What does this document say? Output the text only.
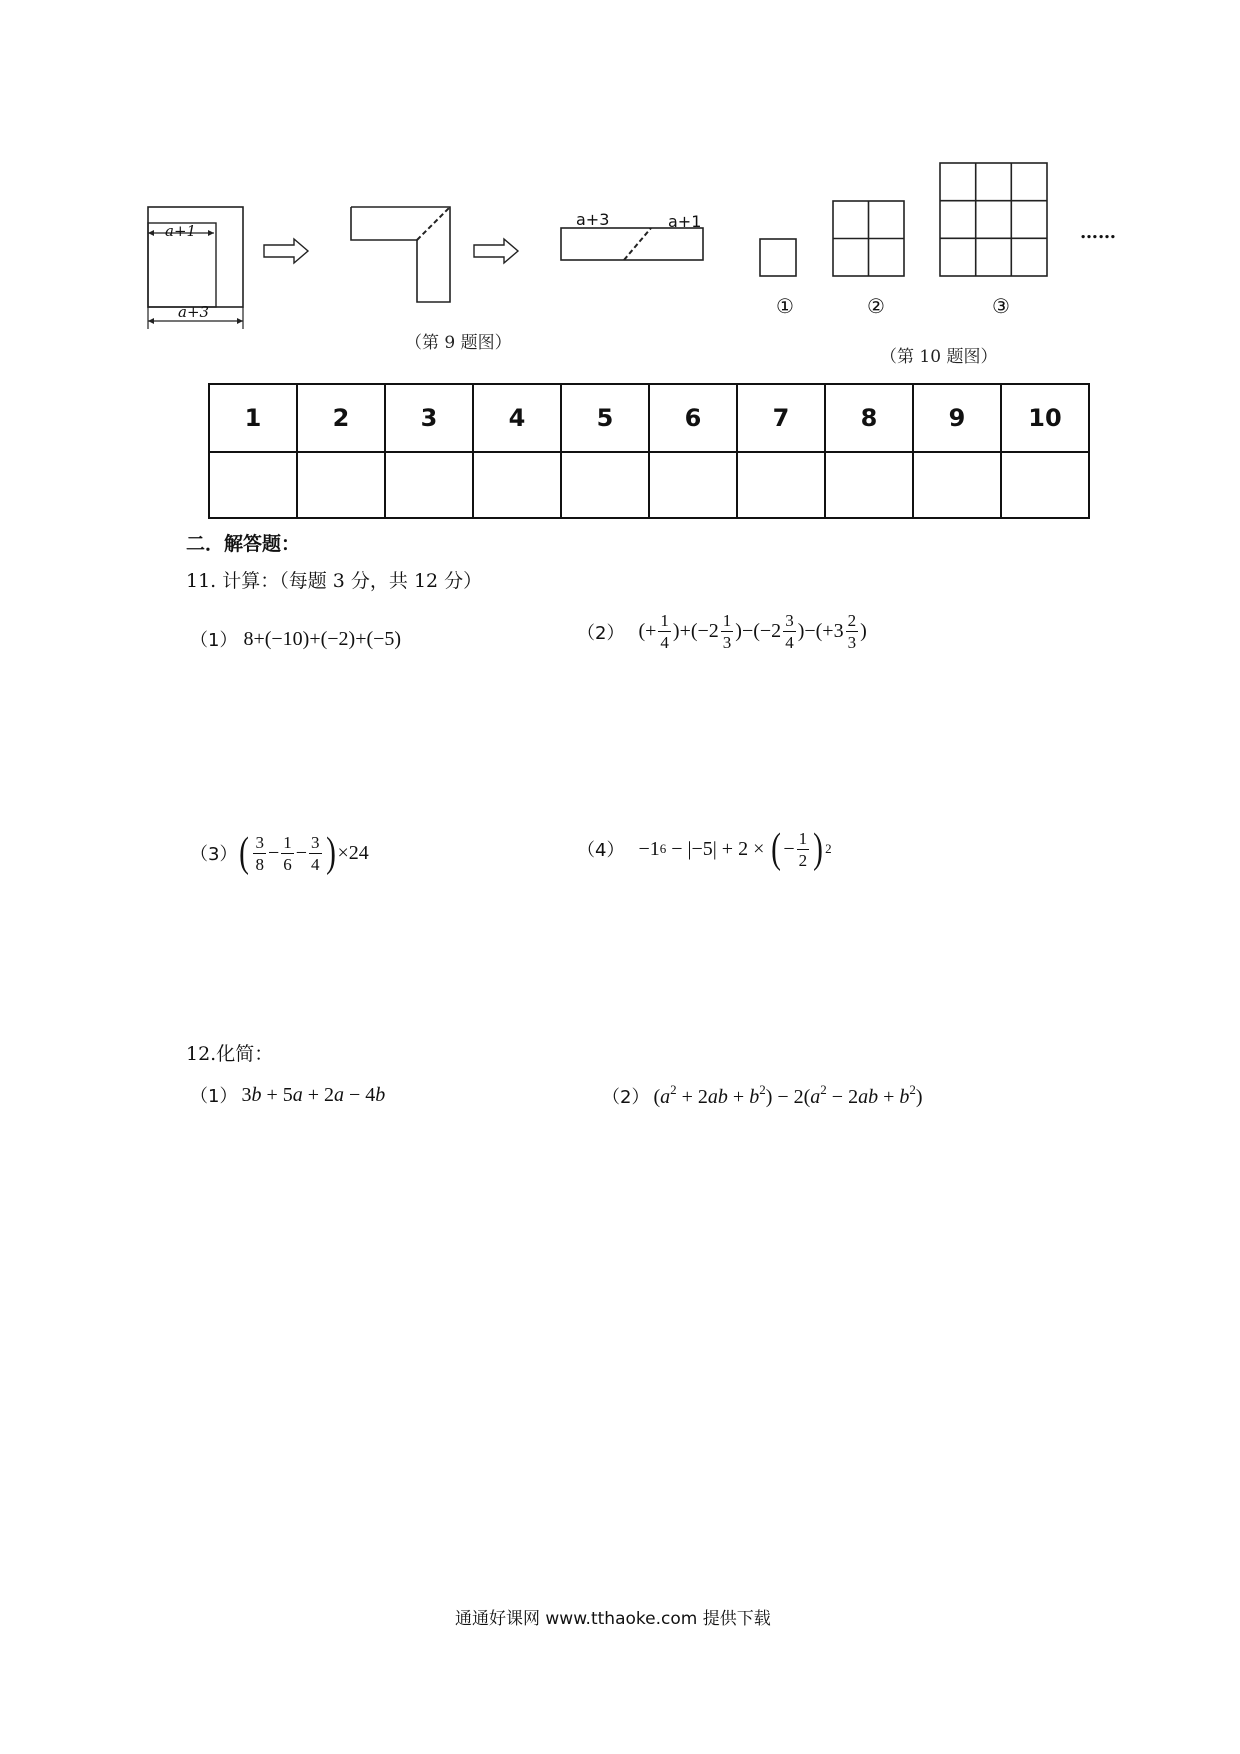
a+1
a+3
a+3	a+1
（第 9 题图）
①	②	③
……
（第 10 题图）
1	2	3	4	5	6	7	8	9	10

二．解答题：
11. 计算：（每题 3 分，共 12 分）
（1） 8+(−10)+(−2)+(−5)	（2） (+ $\frac{1}{4} )+(-2 \frac{1}{3} )-(-2 \frac{3}{4} )-(+3 \frac{2}{3}$ )
（3） ( $\frac{3}{8} - \frac{1}{6} - \frac{3}{4}$ ) ×24	（4） −1 6 − |−5| + 2 × ( − $\frac{1}{2}$ ) 2
12.化简：
（1） 3b + 5a + 2a − 4b	（2） $(a^2 + 2ab + b^2) - 2(a^2 - 2ab + b^2)$
通通好课网 www.tthaoke.com 提供下载
